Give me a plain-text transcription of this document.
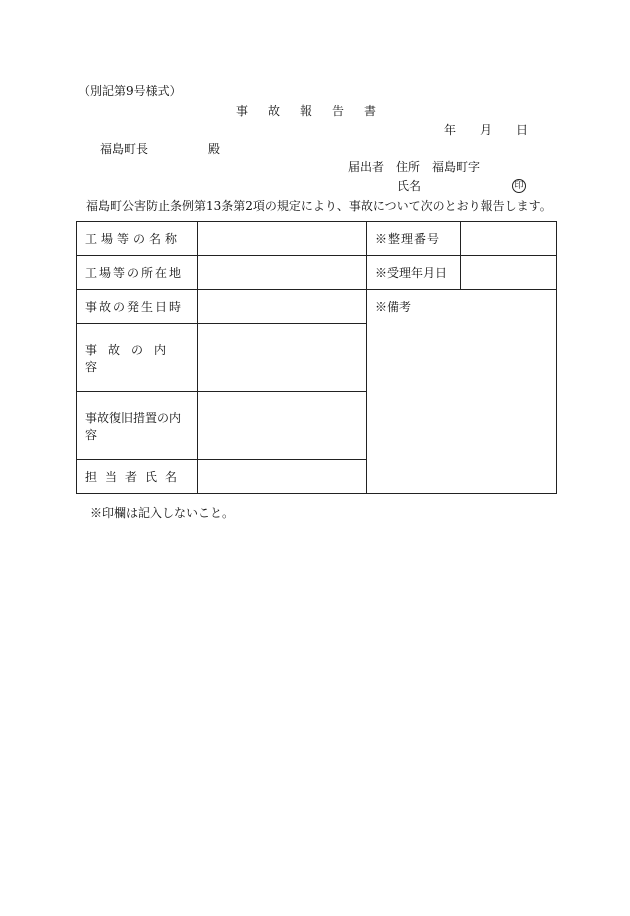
（別記第9号様式）
事　故　報　告　書
年　　月　　日
福島町長　　　　　殿
届出者　住所　福島町字
氏名	印
福島町公害防止条例第13条第2項の規定により、事故について次のとおり報告します。
工場等の名称		※整理番号	
工場等の所在地		※受理年月日	
事故の発生日時		※備考	
事故の内容			
事故復旧措置の内容			
担当者氏名			
※印欄は記入しないこと。
